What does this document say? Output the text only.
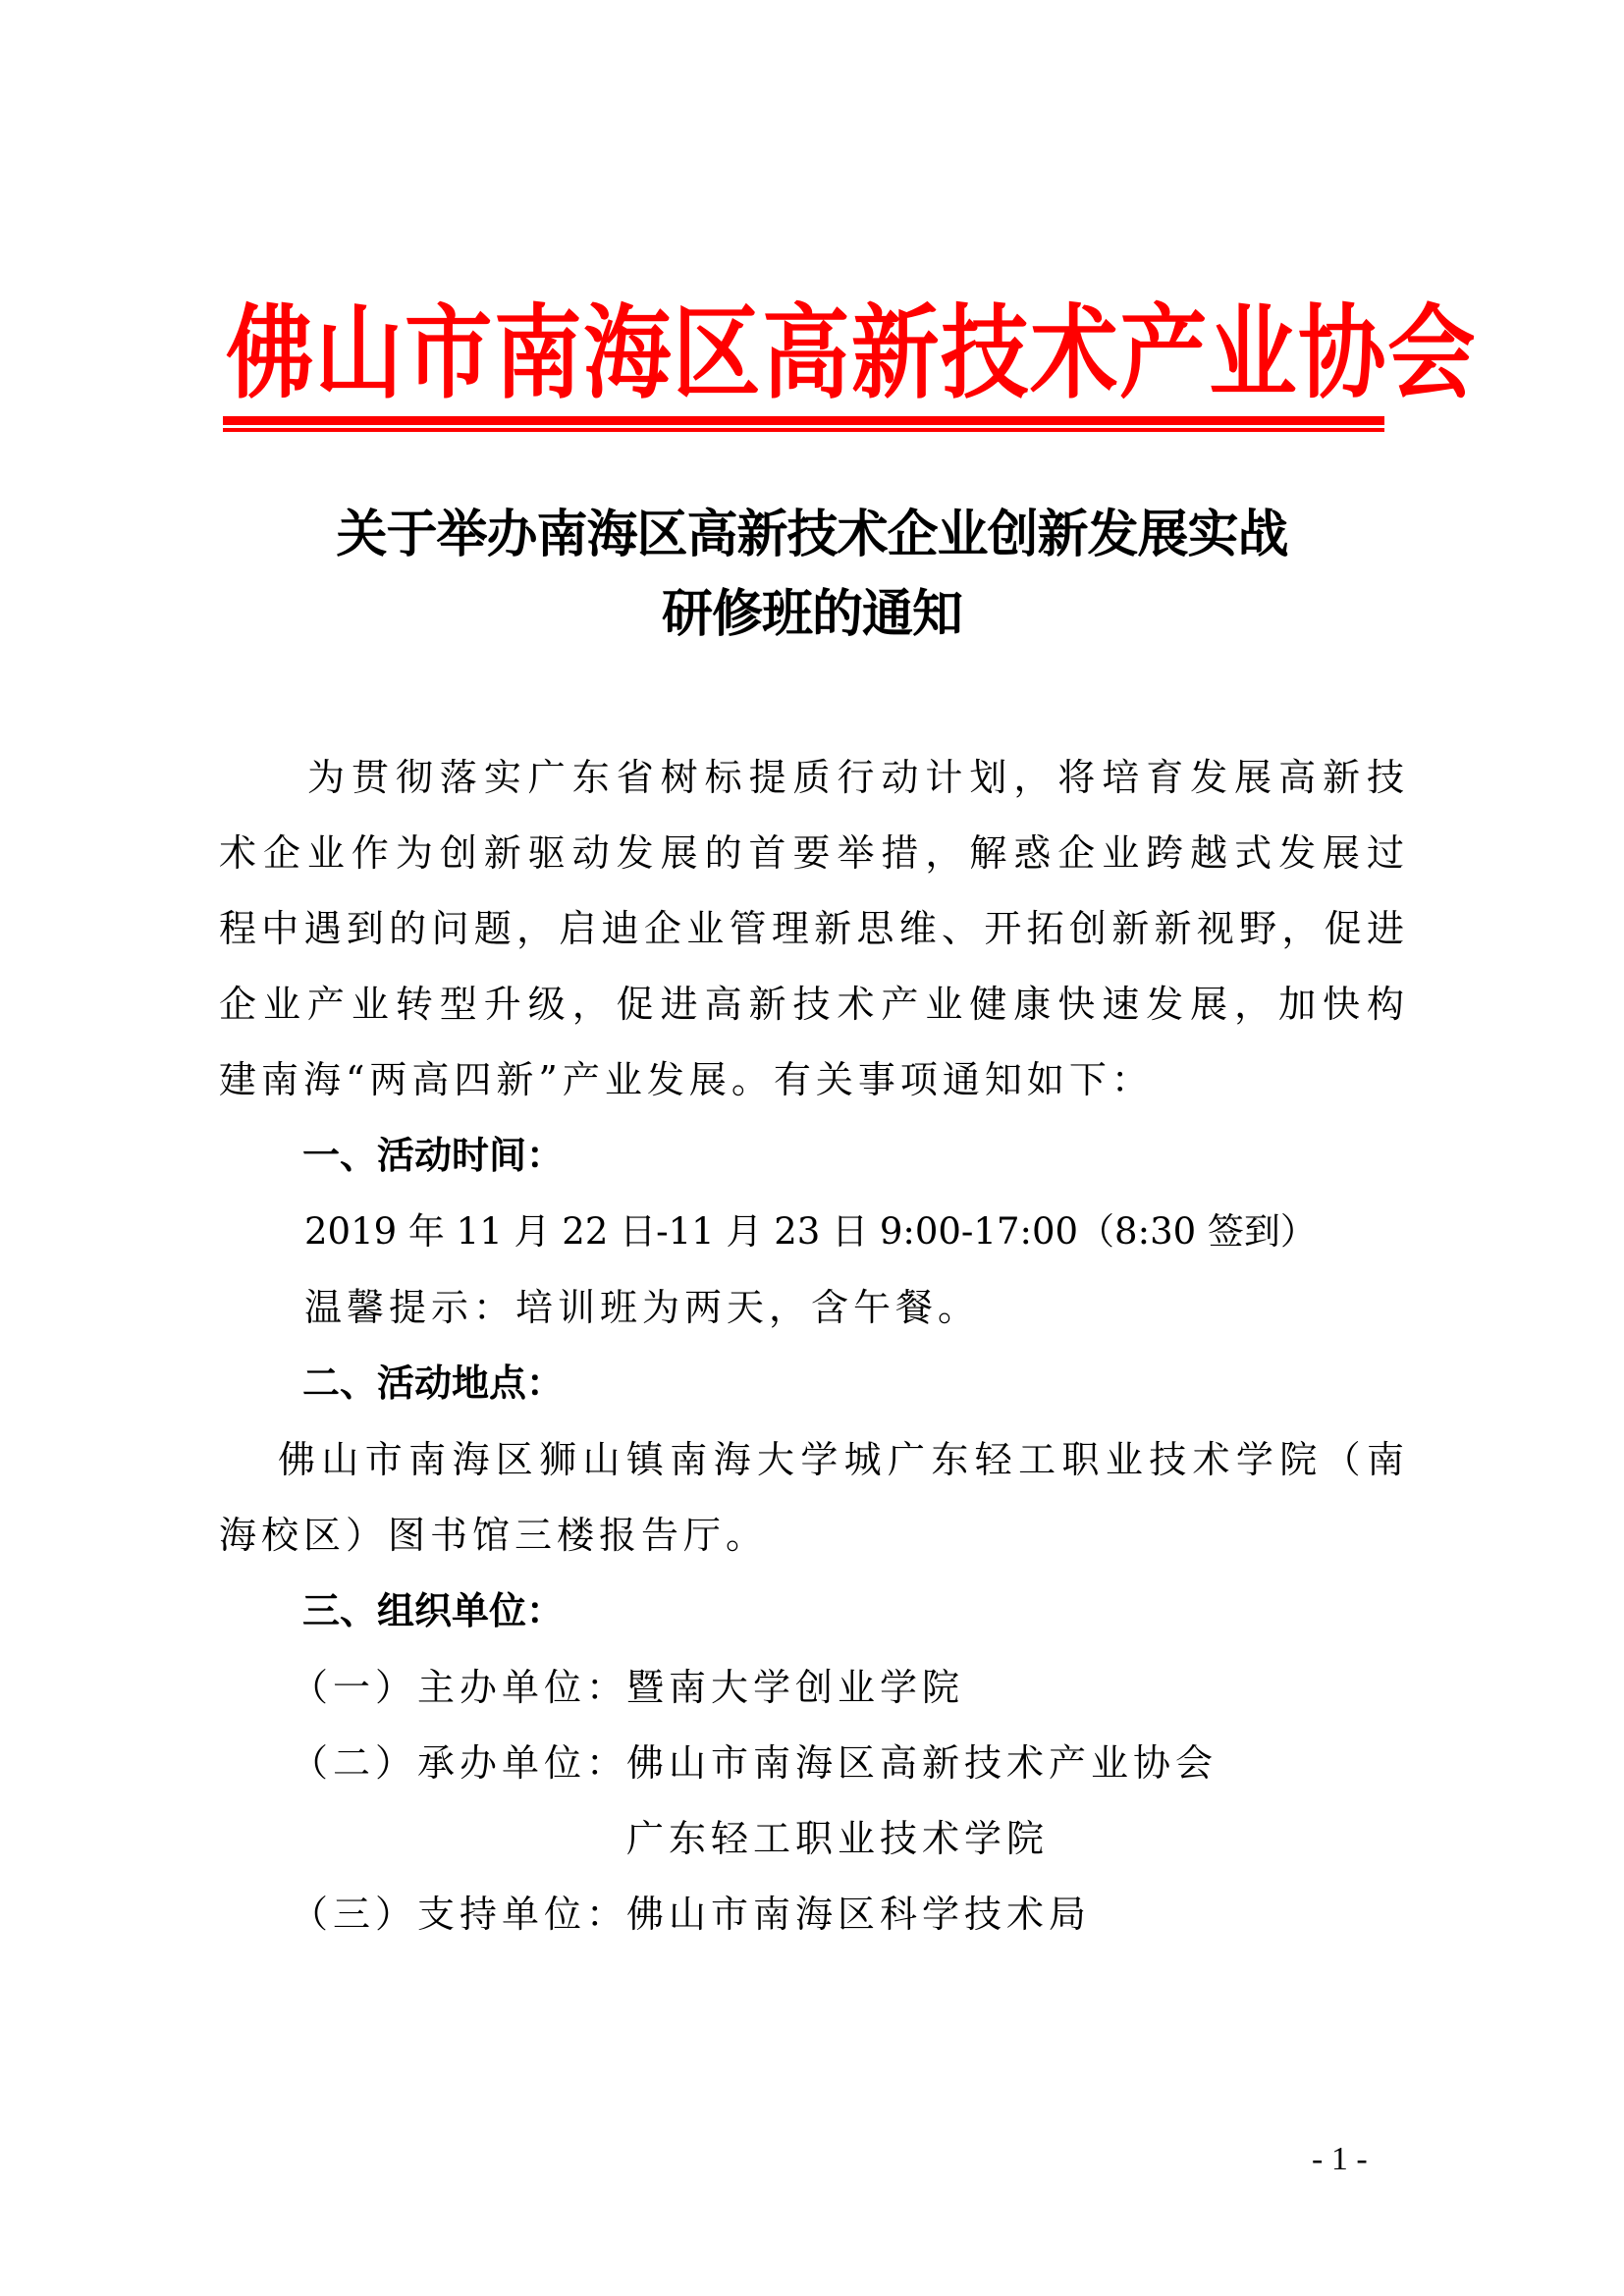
佛 山 市 南 海 区 高 新 技 术 产 业 协 会
关于举办南海区高新技术企业创新发展实战
研修班的通知
为贯彻落实广东省树标提质行动计划，将培育发展高新技
术企业作为创新驱动发展的首要举措，解惑企业跨越式发展过
程中遇到的问题，启迪企业管理新思维、开拓创新新视野，促进
企业产业转型升级，促进高新技术产业健康快速发展，加快构
建南海“两高四新”产业发展。有关事项通知如下：
一、活动时间：
2019 年 11 月 22 日-11 月 23 日 9:00-17:00（8:30 签到）
温馨提示：培训班为两天，含午餐。
二、活动地点：
佛山市南海区狮山镇南海大学城广东轻工职业技术学院（南
海校区）图书馆三楼报告厅。
三、组织单位：
（一）主办单位：
暨南大学创业学院
（二）承办单位：
佛山市南海区高新技术产业协会
广东轻工职业技术学院
（三）支持单位：
佛山市南海区科学技术局
- 1 -
